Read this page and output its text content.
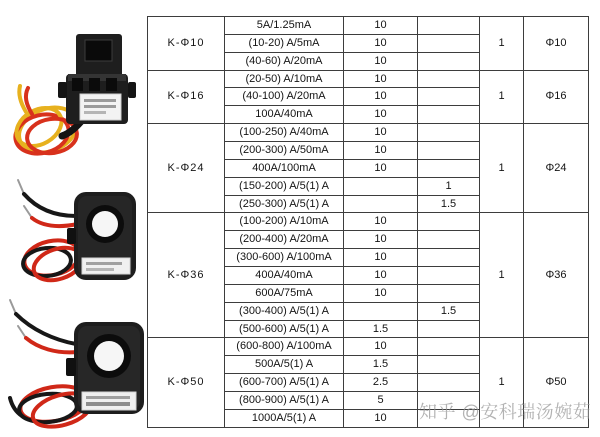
K-Φ10	5A/1.25mA	10		1	Φ10
	(10-20) A/5mA	10			
	(40-60) A/20mA	10			
K-Φ16	(20-50) A/10mA	10		1	Φ16
	(40-100) A/20mA	10			
	100A/40mA	10			
K-Φ24	(100-250) A/40mA	10		1	Φ24
	(200-300) A/50mA	10			
	400A/100mA	10			
	(150-200) A/5(1) A		1		
	(250-300) A/5(1) A		1.5		
K-Φ36	(100-200) A/10mA	10		1	Φ36
	(200-400) A/20mA	10			
	(300-600) A/100mA	10			
	400A/40mA	10			
	600A/75mA	10			
	(300-400) A/5(1) A		1.5		
	(500-600) A/5(1) A	1.5			
K-Φ50	(600-800) A/100mA	10		1	Φ50
	500A/5(1) A	1.5			
	(600-700) A/5(1) A	2.5			
	(800-900) A/5(1) A	5			
	1000A/5(1) A	10			知乎 @安科瑞汤婉茹
